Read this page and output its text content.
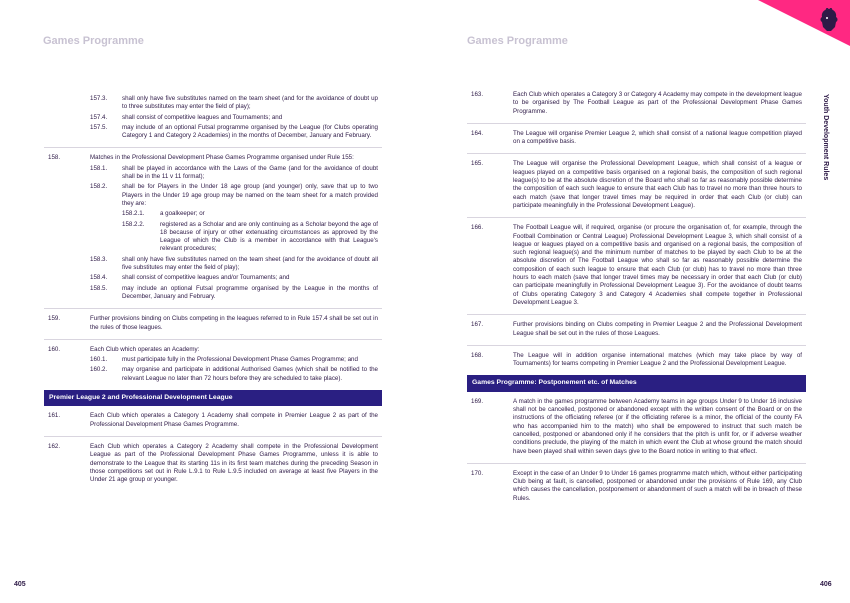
Games Programme	Games Programme
Youth Development Rules
405	406
157.3. shall only have five substitutes named on the team sheet (and for the avoidance of doubt up to three substitutes may enter the field of play);
157.4. shall consist of competitive leagues and Tournaments; and
157.5. may include of an optional Futsal programme organised by the League (for Clubs operating Category 1 and Category 2 Academies) in the months of December, January and February.
158.	Matches in the Professional Development Phase Games Programme organised under Rule 155:
158.1. shall be played in accordance with the Laws of the Game (and for the avoidance of doubt shall be in the 11 v 11 format);
158.2. shall be for Players in the Under 18 age group (and younger) only, save that up to two Players in the Under 19 age group may be named on the team sheet for a match provided they are:
158.2.1.	a goalkeeper; or
158.2.2.	registered as a Scholar and are only continuing as a Scholar beyond the age of 18 because of injury or other extenuating circumstances as approved by the League of which the Club is a member in accordance with that League's relevant procedures;
158.3. shall only have five substitutes named on the team sheet (and for the avoidance of doubt all five substitutes may enter the field of play);
158.4. shall consist of competitive leagues and/or Tournaments; and
158.5. may include an optional Futsal programme organised by the League in the months of December, January and February.
159.	Further provisions binding on Clubs competing in the leagues referred to in Rule 157.4 shall be set out in the rules of those leagues.
160.	Each Club which operates an Academy:
160.1. must participate fully in the Professional Development Phase Games Programme; and
160.2. may organise and participate in additional Authorised Games (which shall be notified to the relevant League no later than 72 hours before they are scheduled to take place).
Premier League 2 and Professional Development League
161.	Each Club which operates a Category 1 Academy shall compete in Premier League 2 as part of the Professional Development Phase Games Programme.
162.	Each Club which operates a Category 2 Academy shall compete in the Professional Development League as part of the Professional Development Phase Games Programme, unless it is able to demonstrate to the League that its starting 11s in its first team matches during the preceding Season in those competitions set out in Rule L.9.1 to Rule L.9.5 included on average at least five Players in the Under 21 age group or younger.
163.	Each Club which operates a Category 3 or Category 4 Academy may compete in the development league to be organised by The Football League as part of the Professional Development Phase Games Programme.
164.	The League will organise Premier League 2, which shall consist of a national league competition played on a competitive basis.
165.	The League will organise the Professional Development League, which shall consist of a league or leagues played on a competitive basis organised on a regional basis, the composition of such regional league(s) to be at the absolute discretion of the Board who shall so far as reasonably possible determine the composition of each such league to ensure that each Club has to travel no more than three hours to each match (save that longer travel times may be required in order that each Club (or club) can participate meaningfully in the Professional Development League).
166.	The Football League will, if required, organise (or procure the organisation of, for example, through the Football Combination or Central League) Professional Development League 3, which shall consist of a league or leagues played on a competitive basis and organised on a regional basis, the composition of such regional league(s) and the minimum number of matches to be played by each Club to be at the absolute discretion of The Football League who shall so far as reasonably possible determine the composition of each such league to ensure that each Club (or club) has to travel no more than three hours to each match (save that longer travel times may be necessary in order that each Club (or club) can participate meaningfully in Professional Development League 3). For the avoidance of doubt teams of Clubs operating Category 3 and Category 4 Academies shall compete together in Professional Development League 3.
167.	Further provisions binding on Clubs competing in Premier League 2 and the Professional Development League shall be set out in the rules of those Leagues.
168.	The League will in addition organise international matches (which may take place by way of Tournaments) for teams competing in Premier League 2 and the Professional Development League.
Games Programme: Postponement etc. of Matches
169.	A match in the games programme between Academy teams in age groups Under 9 to Under 16 inclusive shall not be cancelled, postponed or abandoned except with the written consent of the Board or on the instructions of the officiating referee (or if the officiating referee is a minor, the official of the county FA who has accompanied him to the match) who shall be empowered to instruct that such match be cancelled, postponed or abandoned only if he considers that the pitch is unfit for, or if adverse weather conditions preclude, the playing of the match in which event the Club at whose ground the match should have been played shall within seven days give to the Board notice in writing to that effect.
170.	Except in the case of an Under 9 to Under 16 games programme match which, without either participating Club being at fault, is cancelled, postponed or abandoned under the provisions of Rule 169, any Club which causes the cancellation, postponement or abandonment of such a match will be in breach of these Rules.
